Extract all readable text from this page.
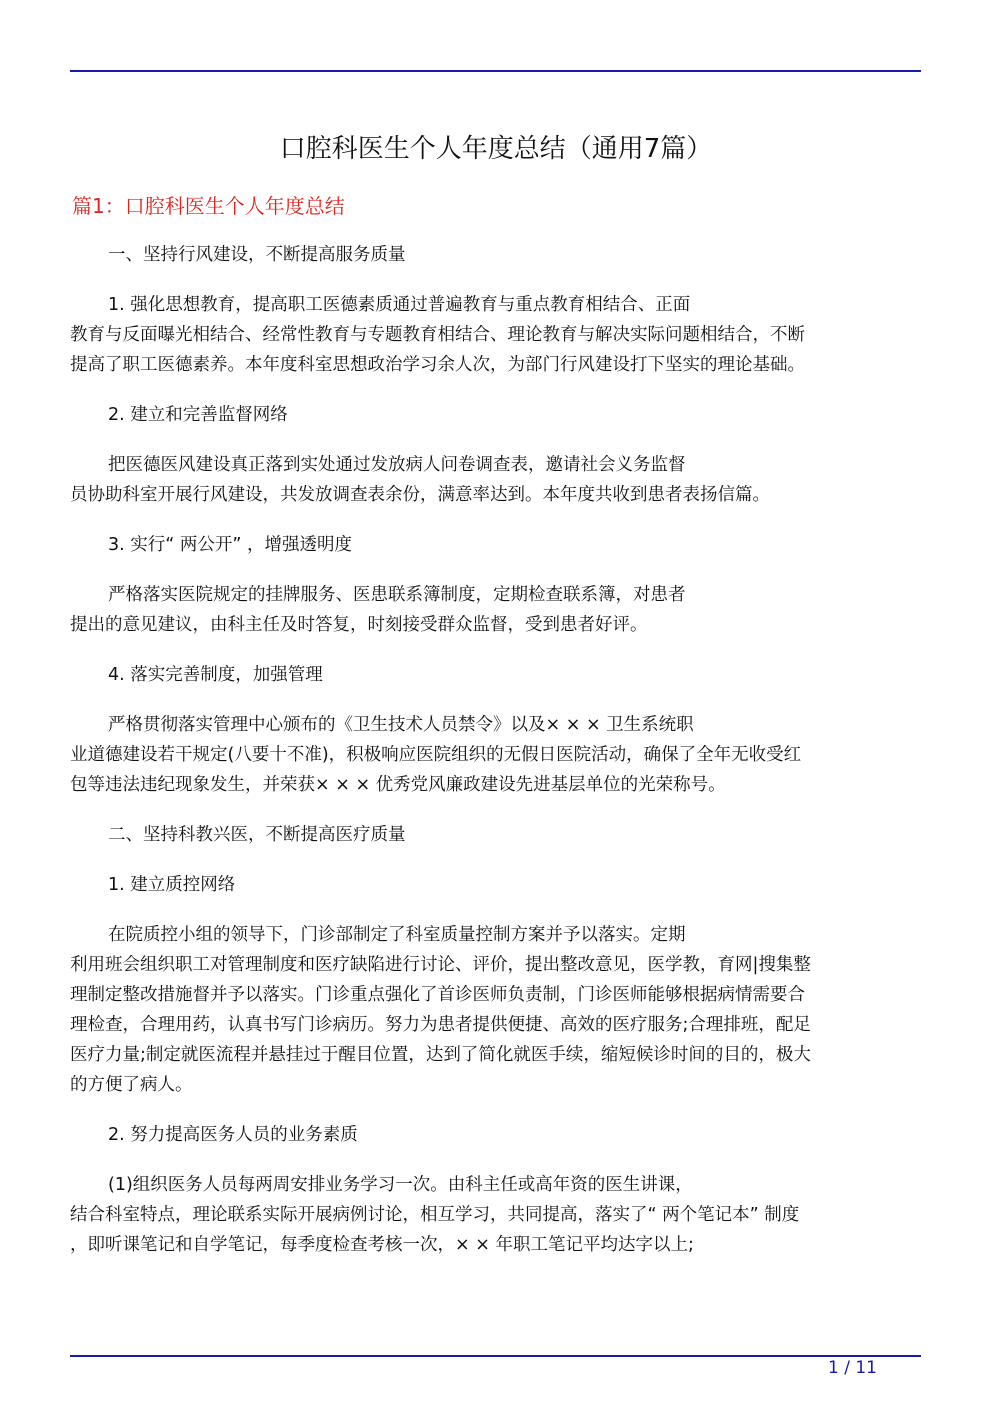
口腔科医生个人年度总结（通用7篇）
篇1：口腔科医生个人年度总结
一、坚持行风建设，不断提高服务质量
1. 强化思想教育，提高职工医德素质通过普遍教育与重点教育相结合、正面
教育与反面曝光相结合、经常性教育与专题教育相结合、理论教育与解决实际问题相结合，不断
提高了职工医德素养。本年度科室思想政治学习余人次，为部门行风建设打下坚实的理论基础。
2. 建立和完善监督网络
把医德医风建设真正落到实处通过发放病人问卷调查表，邀请社会义务监督
员协助科室开展行风建设，共发放调查表余份，满意率达到。本年度共收到患者表扬信篇。
3. 实行“ 两公开” ，增强透明度
严格落实医院规定的挂牌服务、医患联系簿制度，定期检查联系簿，对患者
提出的意见建议，由科主任及时答复，时刻接受群众监督，受到患者好评。
4. 落实完善制度，加强管理
严格贯彻落实管理中心颁布的《卫生技术人员禁令》以及× × × 卫生系统职
业道德建设若干规定(八要十不准)，积极响应医院组织的无假日医院活动，确保了全年无收受红
包等违法违纪现象发生，并荣获× × × 优秀党风廉政建设先进基层单位的光荣称号。
二、坚持科教兴医，不断提高医疗质量
1. 建立质控网络
在院质控小组的领导下，门诊部制定了科室质量控制方案并予以落实。定期
利用班会组织职工对管理制度和医疗缺陷进行讨论、评价，提出整改意见，医学教，育网|搜集整
理制定整改措施督并予以落实。门诊重点强化了首诊医师负责制，门诊医师能够根据病情需要合
理检查，合理用药，认真书写门诊病历。努力为患者提供便捷、高效的医疗服务;合理排班，配足
医疗力量;制定就医流程并悬挂过于醒目位置，达到了简化就医手续，缩短候诊时间的目的，极大
的方便了病人。
2. 努力提高医务人员的业务素质
(1)组织医务人员每两周安排业务学习一次。由科主任或高年资的医生讲课，
结合科室特点，理论联系实际开展病例讨论，相互学习，共同提高，落实了“ 两个笔记本” 制度
，即听课笔记和自学笔记，每季度检查考核一次，× × 年职工笔记平均达字以上;
1 / 11
